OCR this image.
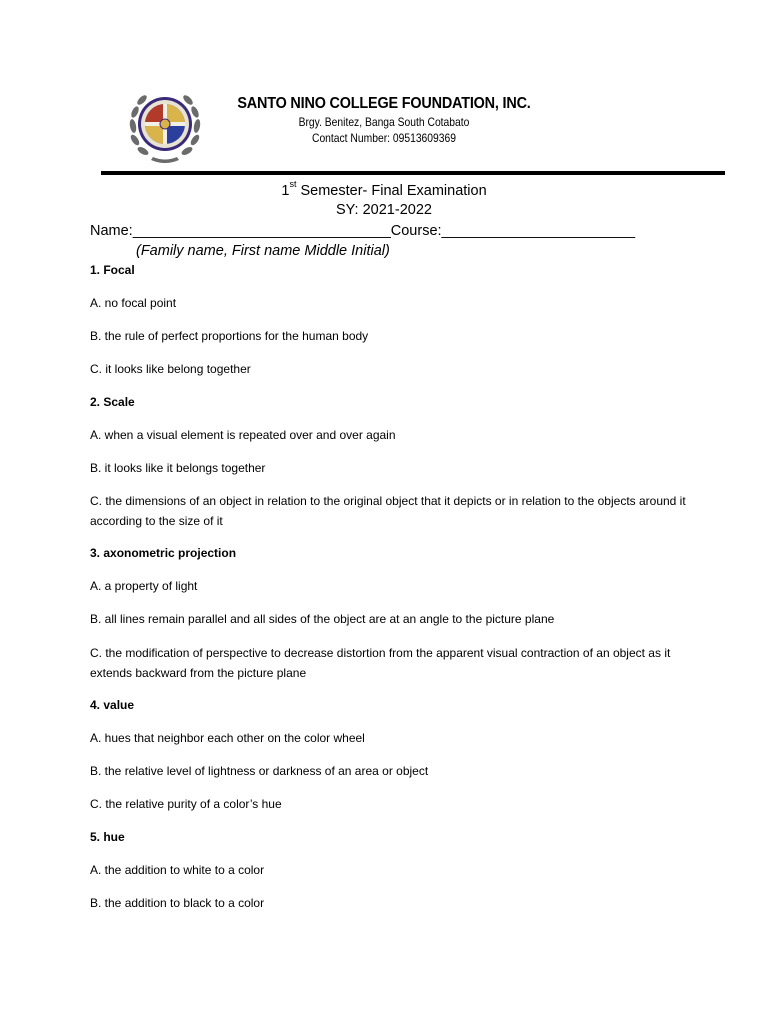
SANTO NINO COLLEGE FOUNDATION, INC.
Brgy. Benitez, Banga South Cotabato
Contact Number: 09513609369
1st Semester- Final Examination
SY: 2021-2022
Name:________________________________Course:________________________
(Family name, First name Middle Initial)
1. Focal
A. no focal point
B. the rule of perfect proportions for the human body
C. it looks like belong together
2. Scale
A. when a visual element is repeated over and over again
B. it looks like it belongs together
C. the dimensions of an object in relation to the original object that it depicts or in relation to the objects around it according to the size of it
3. axonometric projection
A. a property of light
B. all lines remain parallel and all sides of the object are at an angle to the picture plane
C. the modification of perspective to decrease distortion from the apparent visual contraction of an object as it extends backward from the picture plane
4. value
A. hues that neighbor each other on the color wheel
B. the relative level of lightness or darkness of an area or object
C. the relative purity of a color’s hue
5. hue
A. the addition to white to a color
B. the addition to black to a color
